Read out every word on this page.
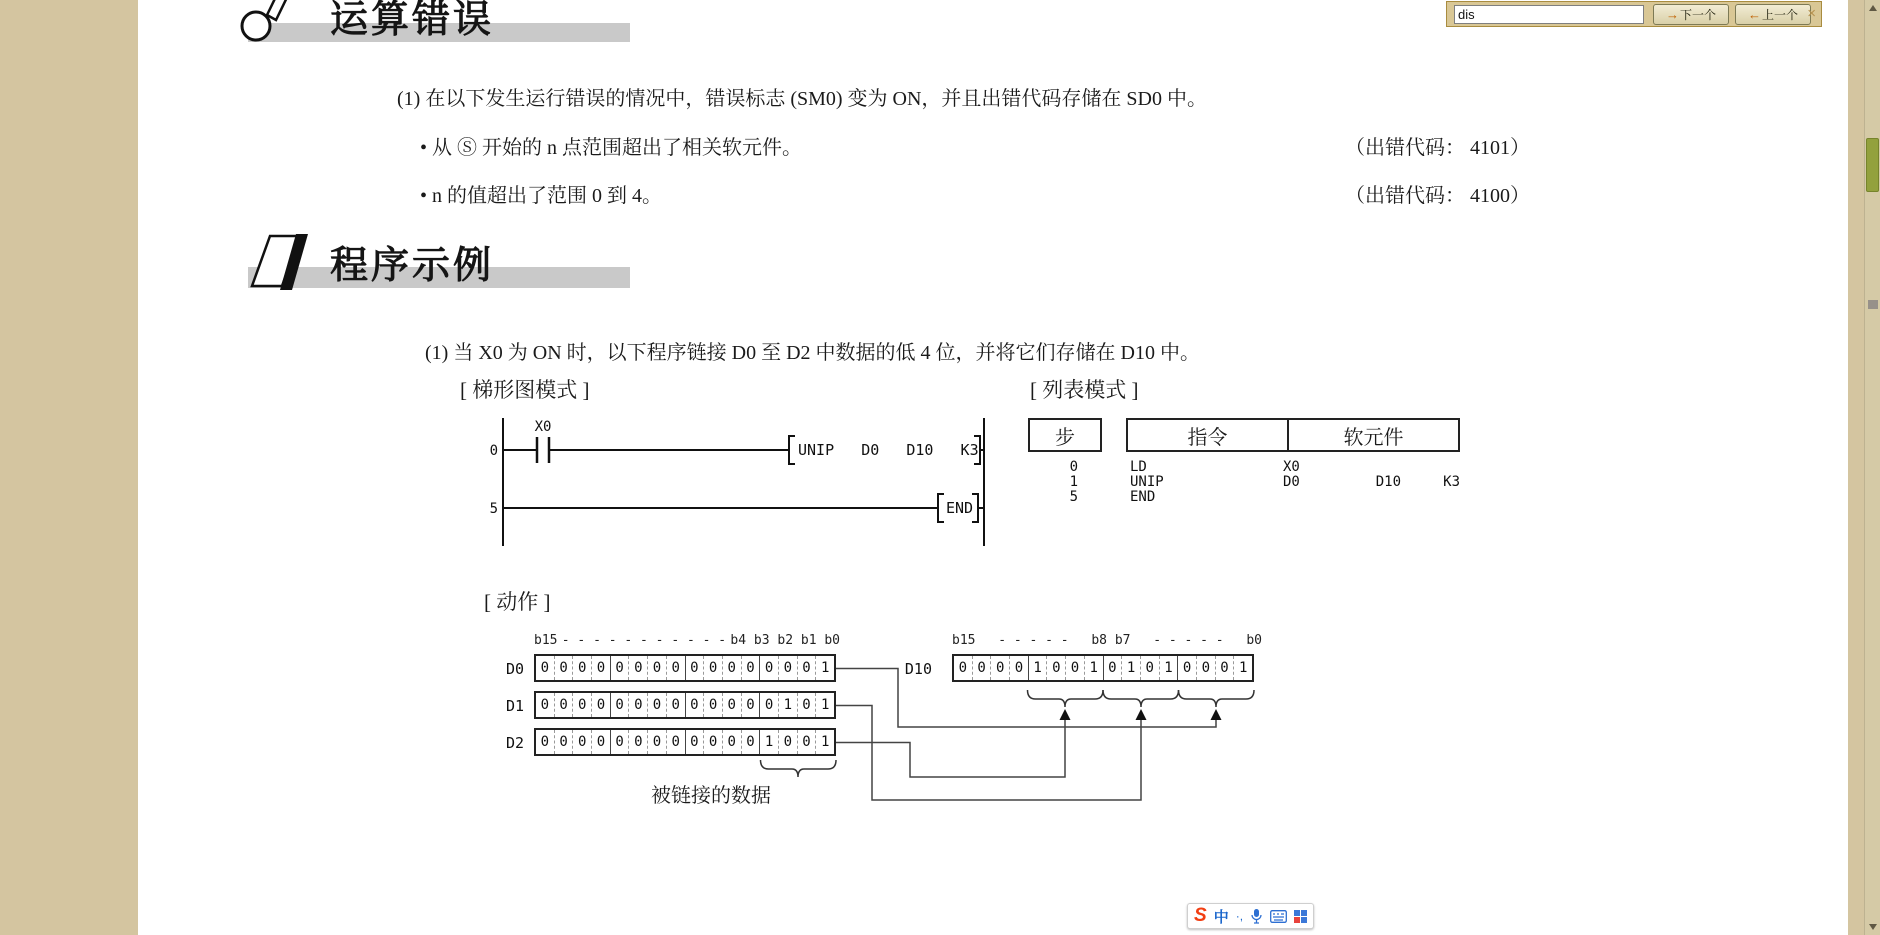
运算错误
(1) 在以下发生运行错误的情况中，错误标志 (SM0) 变为 ON，并且出错代码存储在 SD0 中。
• 从 Ⓢ 开始的 n 点范围超出了相关软元件。	（出错代码： 4101）
• n 的值超出了范围 0 到 4。	（出错代码： 4100）
程序示例
(1) 当 X0 为 ON 时，以下程序链接 D0 至 D2 中数据的低 4 位，并将它们存储在 D10 中。
[ 梯形图模式 ]	[ 列表模式 ]
X0
0	UNIP   D0   D10   K3
5	END
步	指令	软元件
0	LD	X0
1	UNIP	D0         D10     K3
5	END
[ 动作 ]
b15 - - - - - - - - - - - b4 b3 b2 b1 b0	b15 - - - - - b8 b7 - - - - - b0
D0	0 0 0 0 0 0 0 0 0 0 0 0 0 0 0 1
D1	0 0 0 0 0 0 0 0 0 0 0 0 0 1 0 1
D2	0 0 0 0 0 0 0 0 0 0 0 0 1 0 0 1
D10	0 0 0 0 1 0 0 1 0 1 0 1 0 0 0 1
被链接的数据
dis
→ 下一个 ← 上一个 ×
S 中 ·,
